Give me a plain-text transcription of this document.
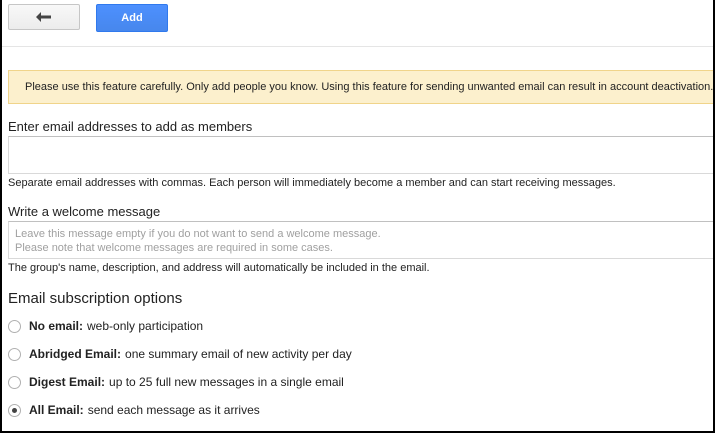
Add
Please use this feature carefully. Only add people you know. Using this feature for sending unwanted email can result in account deactivation.
Enter email addresses to add as members
Separate email addresses with commas. Each person will immediately become a member and can start receiving messages.
Write a welcome message
Leave this message empty if you do not want to send a welcome message. Please note that welcome messages are required in some cases.
The group's name, description, and address will automatically be included in the email.
Email subscription options
No email: web-only participation
Abridged Email: one summary email of new activity per day
Digest Email: up to 25 full new messages in a single email
All Email: send each message as it arrives
